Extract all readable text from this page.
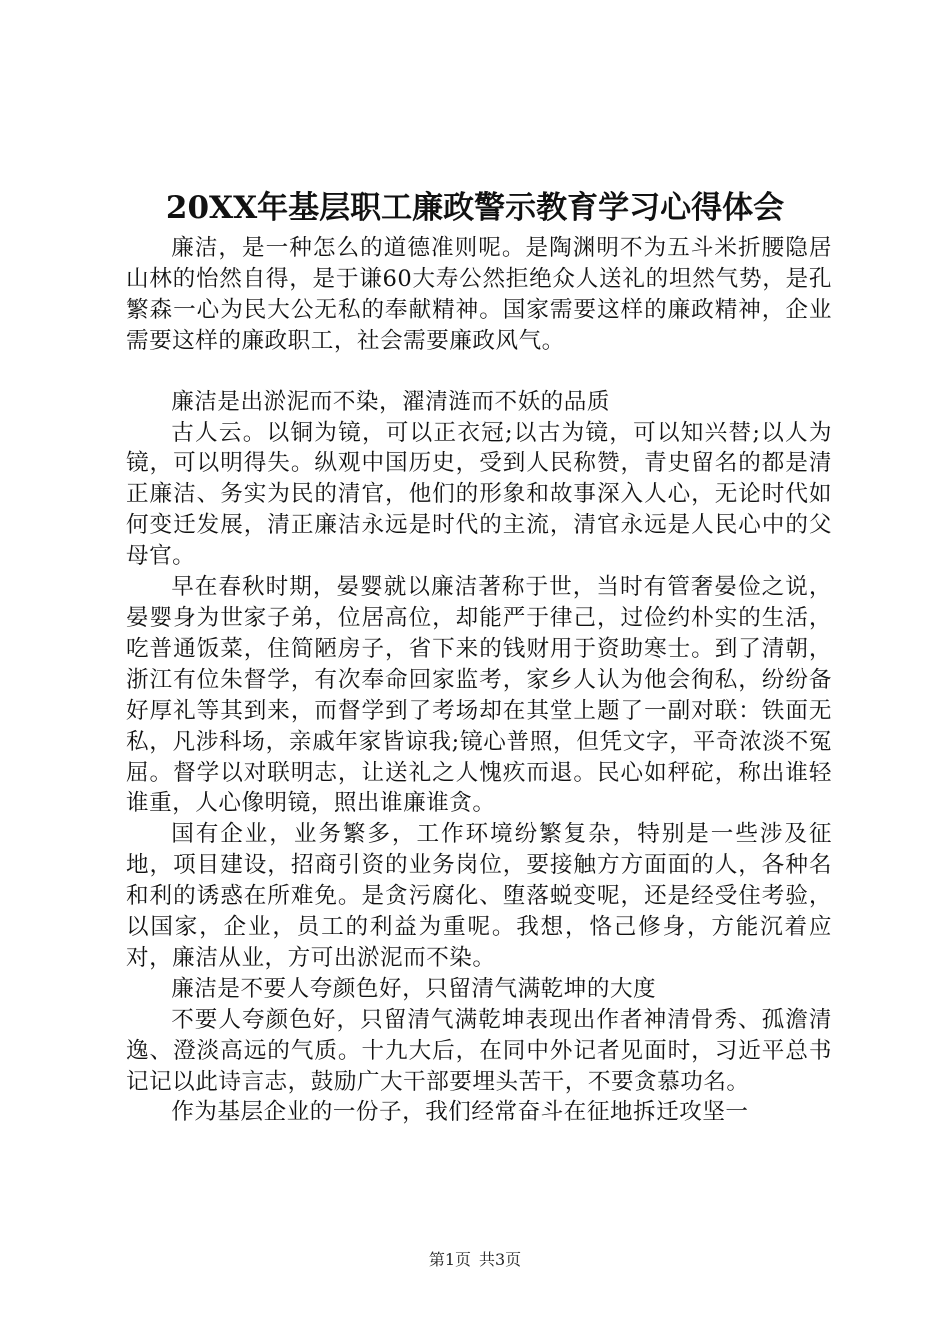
20XX年基层职工廉政警示教育学习心得体会

廉洁，是一种怎么的道德准则呢。是陶渊明不为五斗米折腰隐居山林的怡然自得，是于谦60大寿公然拒绝众人送礼的坦然气势，是孔繁森一心为民大公无私的奉献精神。国家需要这样的廉政精神，企业需要这样的廉政职工，社会需要廉政风气。

廉洁是出淤泥而不染，濯清涟而不妖的品质

古人云。以铜为镜，可以正衣冠;以古为镜，可以知兴替;以人为镜，可以明得失。纵观中国历史，受到人民称赞，青史留名的都是清正廉洁、务实为民的清官，他们的形象和故事深入人心，无论时代如何变迁发展，清正廉洁永远是时代的主流，清官永远是人民心中的父母官。

早在春秋时期，晏婴就以廉洁著称于世，当时有管奢晏俭之说，晏婴身为世家子弟，位居高位，却能严于律己，过俭约朴实的生活，吃普通饭菜，住简陋房子，省下来的钱财用于资助寒士。到了清朝，浙江有位朱督学，有次奉命回家监考，家乡人认为他会徇私，纷纷备好厚礼等其到来，而督学到了考场却在其堂上题了一副对联：铁面无私，凡涉科场，亲戚年家皆谅我;镜心普照，但凭文字，平奇浓淡不冤屈。督学以对联明志，让送礼之人愧疚而退。民心如秤砣，称出谁轻谁重，人心像明镜，照出谁廉谁贪。

国有企业，业务繁多，工作环境纷繁复杂，特别是一些涉及征地，项目建设，招商引资的业务岗位，要接触方方面面的人，各种名和利的诱惑在所难免。是贪污腐化、堕落蜕变呢，还是经受住考验，以国家，企业，员工的利益为重呢。我想，恪己修身，方能沉着应对，廉洁从业，方可出淤泥而不染。

廉洁是不要人夸颜色好，只留清气满乾坤的大度

不要人夸颜色好，只留清气满乾坤表现出作者神清骨秀、孤澹清逸、澄淡高远的气质。十九大后，在同中外记者见面时，习近平总书记记以此诗言志，鼓励广大干部要埋头苦干，不要贪慕功名。

作为基层企业的一份子，我们经常奋斗在征地拆迁攻坚一

第1页 共3页
